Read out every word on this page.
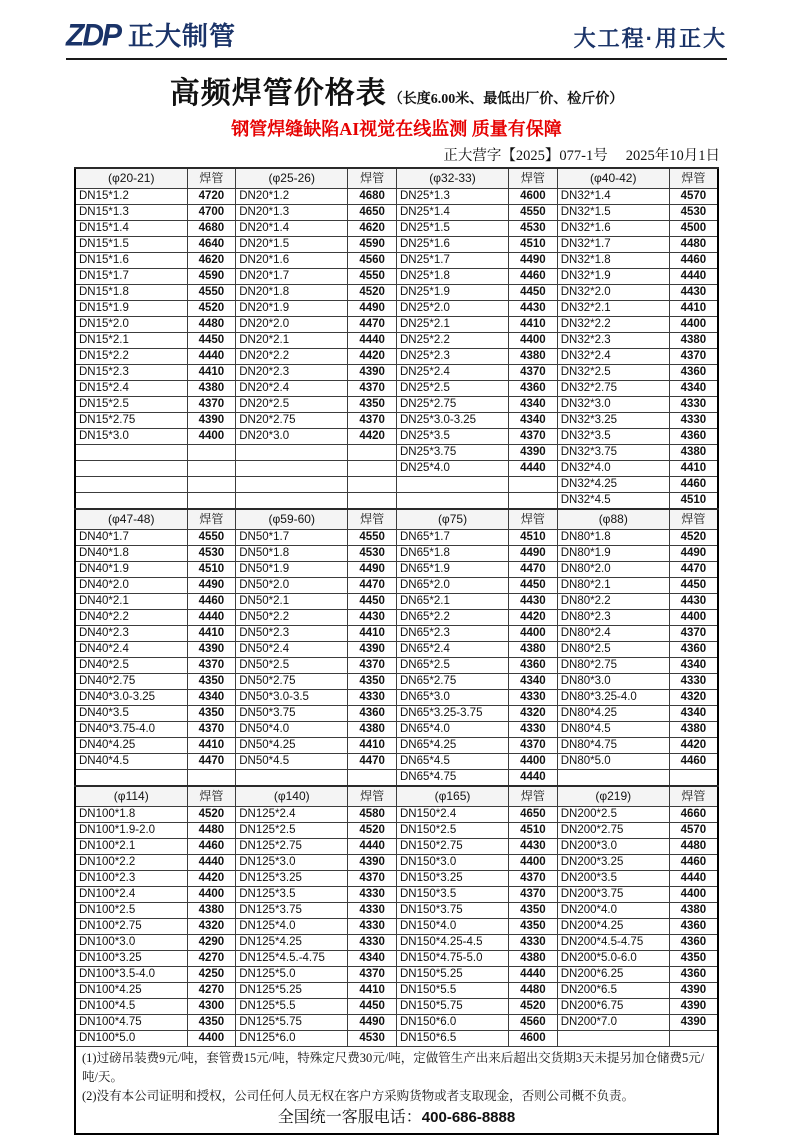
ZDP 正大制管	大工程·用正大
高频焊管价格表 （长度6.00米、最低出厂价、检斤价）
钢管焊缝缺陷AI视觉在线监测 质量有保障
正大营字【2025】077-1号 2025年10月1日
(φ20-21)	焊管	(φ25-26)	焊管	(φ32-33)	焊管	(φ40-42)	焊管
DN15*1.2	4720	DN20*1.2	4680	DN25*1.3	4600	DN32*1.4	4570
DN15*1.3	4700	DN20*1.3	4650	DN25*1.4	4550	DN32*1.5	4530
DN15*1.4	4680	DN20*1.4	4620	DN25*1.5	4530	DN32*1.6	4500
DN15*1.5	4640	DN20*1.5	4590	DN25*1.6	4510	DN32*1.7	4480
DN15*1.6	4620	DN20*1.6	4560	DN25*1.7	4490	DN32*1.8	4460
DN15*1.7	4590	DN20*1.7	4550	DN25*1.8	4460	DN32*1.9	4440
DN15*1.8	4550	DN20*1.8	4520	DN25*1.9	4450	DN32*2.0	4430
DN15*1.9	4520	DN20*1.9	4490	DN25*2.0	4430	DN32*2.1	4410
DN15*2.0	4480	DN20*2.0	4470	DN25*2.1	4410	DN32*2.2	4400
DN15*2.1	4450	DN20*2.1	4440	DN25*2.2	4400	DN32*2.3	4380
DN15*2.2	4440	DN20*2.2	4420	DN25*2.3	4380	DN32*2.4	4370
DN15*2.3	4410	DN20*2.3	4390	DN25*2.4	4370	DN32*2.5	4360
DN15*2.4	4380	DN20*2.4	4370	DN25*2.5	4360	DN32*2.75	4340
DN15*2.5	4370	DN20*2.5	4350	DN25*2.75	4340	DN32*3.0	4330
DN15*2.75	4390	DN20*2.75	4370	DN25*3.0-3.25	4340	DN32*3.25	4330
DN15*3.0	4400	DN20*3.0	4420	DN25*3.5	4370	DN32*3.5	4360
				DN25*3.75	4390	DN32*3.75	4380
				DN25*4.0	4440	DN32*4.0	4410
						DN32*4.25	4460
						DN32*4.5	4510
(φ47-48)	焊管	(φ59-60)	焊管	(φ75)	焊管	(φ88)	焊管
DN40*1.7	4550	DN50*1.7	4550	DN65*1.7	4510	DN80*1.8	4520
DN40*1.8	4530	DN50*1.8	4530	DN65*1.8	4490	DN80*1.9	4490
DN40*1.9	4510	DN50*1.9	4490	DN65*1.9	4470	DN80*2.0	4470
DN40*2.0	4490	DN50*2.0	4470	DN65*2.0	4450	DN80*2.1	4450
DN40*2.1	4460	DN50*2.1	4450	DN65*2.1	4430	DN80*2.2	4430
DN40*2.2	4440	DN50*2.2	4430	DN65*2.2	4420	DN80*2.3	4400
DN40*2.3	4410	DN50*2.3	4410	DN65*2.3	4400	DN80*2.4	4370
DN40*2.4	4390	DN50*2.4	4390	DN65*2.4	4380	DN80*2.5	4360
DN40*2.5	4370	DN50*2.5	4370	DN65*2.5	4360	DN80*2.75	4340
DN40*2.75	4350	DN50*2.75	4350	DN65*2.75	4340	DN80*3.0	4330
DN40*3.0-3.25	4340	DN50*3.0-3.5	4330	DN65*3.0	4330	DN80*3.25-4.0	4320
DN40*3.5	4350	DN50*3.75	4360	DN65*3.25-3.75	4320	DN80*4.25	4340
DN40*3.75-4.0	4370	DN50*4.0	4380	DN65*4.0	4330	DN80*4.5	4380
DN40*4.25	4410	DN50*4.25	4410	DN65*4.25	4370	DN80*4.75	4420
DN40*4.5	4470	DN50*4.5	4470	DN65*4.5	4400	DN80*5.0	4460
				DN65*4.75	4440		
(φ114)	焊管	(φ140)	焊管	(φ165)	焊管	(φ219)	焊管
DN100*1.8	4520	DN125*2.4	4580	DN150*2.4	4650	DN200*2.5	4660
DN100*1.9-2.0	4480	DN125*2.5	4520	DN150*2.5	4510	DN200*2.75	4570
DN100*2.1	4460	DN125*2.75	4440	DN150*2.75	4430	DN200*3.0	4480
DN100*2.2	4440	DN125*3.0	4390	DN150*3.0	4400	DN200*3.25	4460
DN100*2.3	4420	DN125*3.25	4370	DN150*3.25	4370	DN200*3.5	4440
DN100*2.4	4400	DN125*3.5	4330	DN150*3.5	4370	DN200*3.75	4400
DN100*2.5	4380	DN125*3.75	4330	DN150*3.75	4350	DN200*4.0	4380
DN100*2.75	4320	DN125*4.0	4330	DN150*4.0	4350	DN200*4.25	4360
DN100*3.0	4290	DN125*4.25	4330	DN150*4.25-4.5	4330	DN200*4.5-4.75	4360
DN100*3.25	4270	DN125*4.5.-4.75	4340	DN150*4.75-5.0	4380	DN200*5.0-6.0	4350
DN100*3.5-4.0	4250	DN125*5.0	4370	DN150*5.25	4440	DN200*6.25	4360
DN100*4.25	4270	DN125*5.25	4410	DN150*5.5	4480	DN200*6.5	4390
DN100*4.5	4300	DN125*5.5	4450	DN150*5.75	4520	DN200*6.75	4390
DN100*4.75	4350	DN125*5.75	4490	DN150*6.0	4560	DN200*7.0	4390
DN100*5.0	4400	DN125*6.0	4530	DN150*6.5	4600		

(1)过磅吊装费9元/吨，套管费15元/吨，特殊定尺费30元/吨，定做管生产出来后超出交货期3天未提另加仓储费5元/吨/天。
(2)没有本公司证明和授权，公司任何人员无权在客户方采购货物或者支取现金，否则公司概不负责。
全国统一客服电话：400-686-8888							
